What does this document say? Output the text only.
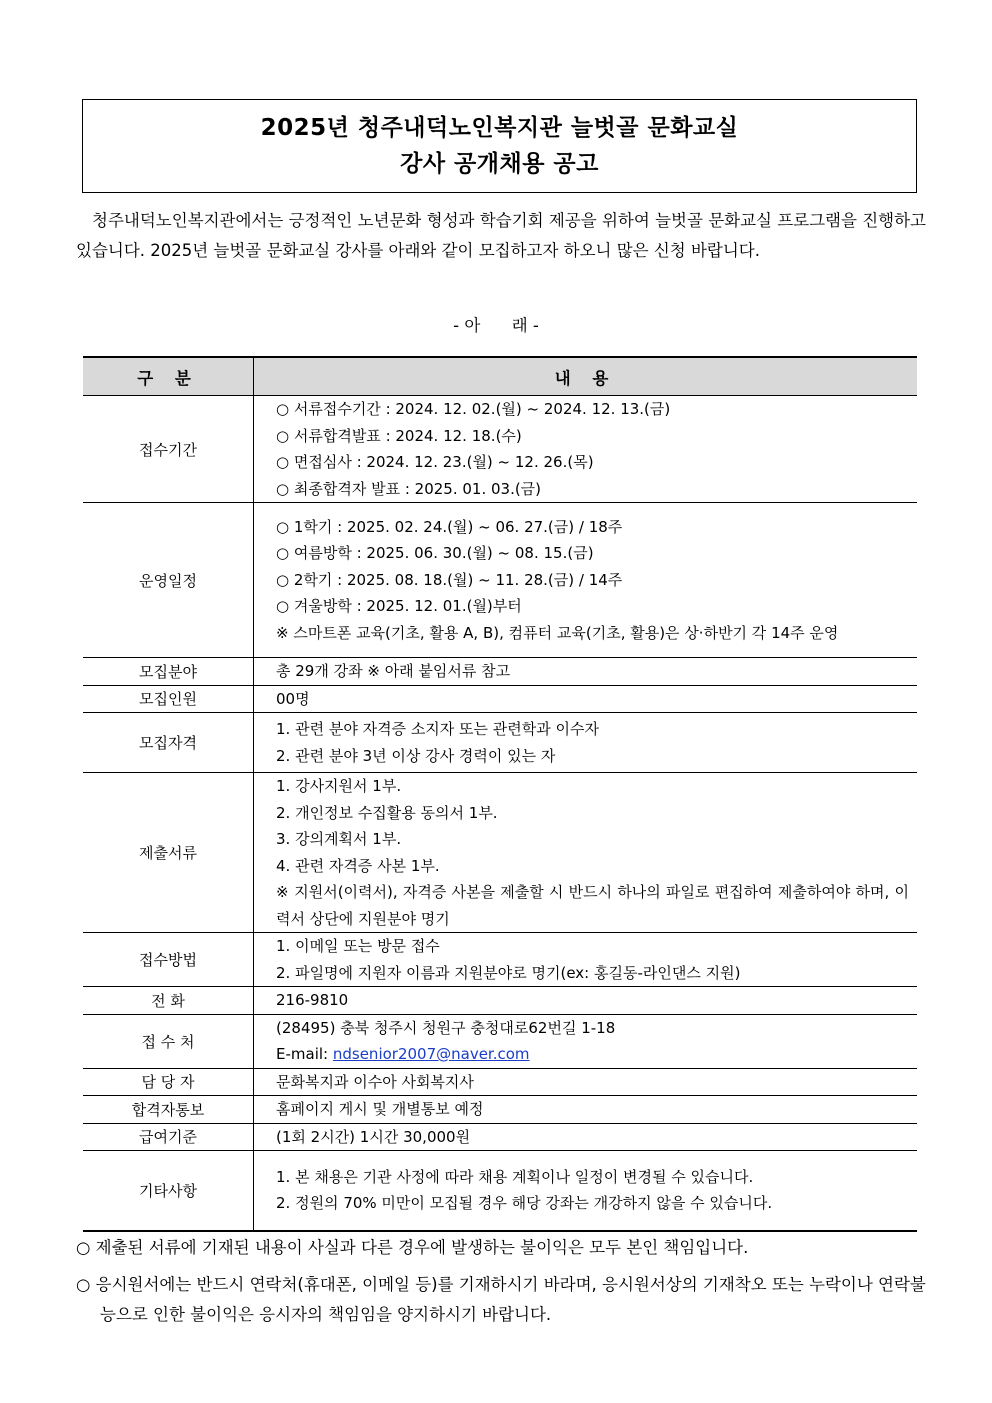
2025년 청주내덕노인복지관 늘벗골 문화교실
강사 공개채용 공고

청주내덕노인복지관에서는 긍정적인 노년문화 형성과 학습기회 제공을 위하여 늘벗골 문화교실 프로그램을 진행하고 있습니다. 2025년 늘벗골 문화교실 강사를 아래와 같이 모집하고자 하오니 많은 신청 바랍니다.

- 아      래 -
구 분	내 용
접수기간	○ 서류접수기간 : 2024. 12. 02.(월) ~ 2024. 12. 13.(금)
○ 서류합격발표 : 2024. 12. 18.(수)
○ 면접심사 : 2024. 12. 23.(월) ~ 12. 26.(목)
○ 최종합격자 발표 : 2025. 01. 03.(금)

운영일정	○ 1학기 : 2025. 02. 24.(월) ~ 06. 27.(금) / 18주
○ 여름방학 : 2025. 06. 30.(월) ~ 08. 15.(금)
○ 2학기 : 2025. 08. 18.(월) ~ 11. 28.(금) / 14주
○ 겨울방학 : 2025. 12. 01.(월)부터
※ 스마트폰 교육(기초, 활용 A, B), 컴퓨터 교육(기초, 활용)은 상·하반기 각 14주 운영

모집분야	총 29개 강좌 ※ 아래 붙임서류 참고

모집인원	00명

모집자격	1. 관련 분야 자격증 소지자 또는 관련학과 이수자
2. 관련 분야 3년 이상 강사 경력이 있는 자

제출서류	1. 강사지원서 1부.
2. 개인정보 수집활용 동의서 1부.
3. 강의계획서 1부.
4. 관련 자격증 사본 1부.
※ 지원서(이력서), 자격증 사본을 제출할 시 반드시 하나의 파일로 편집하여 제출하여야 하며, 이력서 상단에 지원분야 명기

접수방법	1. 이메일 또는 방문 접수
2. 파일명에 지원자 이름과 지원분야로 명기(ex: 홍길동-라인댄스 지원)

전 화	216-9810

접 수 처	(28495) 충북 청주시 청원구 충청대로62번길 1-18
E-mail: ndsenior2007@naver.com

담 당 자	문화복지과 이수아 사회복지사

합격자통보	홈페이지 게시 및 개별통보 예정

급여기준	(1회 2시간) 1시간 30,000원

기타사항	1. 본 채용은 기관 사정에 따라 채용 계획이나 일정이 변경될 수 있습니다.
2. 정원의 70% 미만이 모집될 경우 해당 강좌는 개강하지 않을 수 있습니다.
○ 제출된 서류에 기재된 내용이 사실과 다른 경우에 발생하는 불이익은 모두 본인 책임입니다.
○ 응시원서에는 반드시 연락처(휴대폰, 이메일 등)를 기재하시기 바라며, 응시원서상의 기재착오 또는 누락이나 연락불능으로 인한 불이익은 응시자의 책임임을 양지하시기 바랍니다.
